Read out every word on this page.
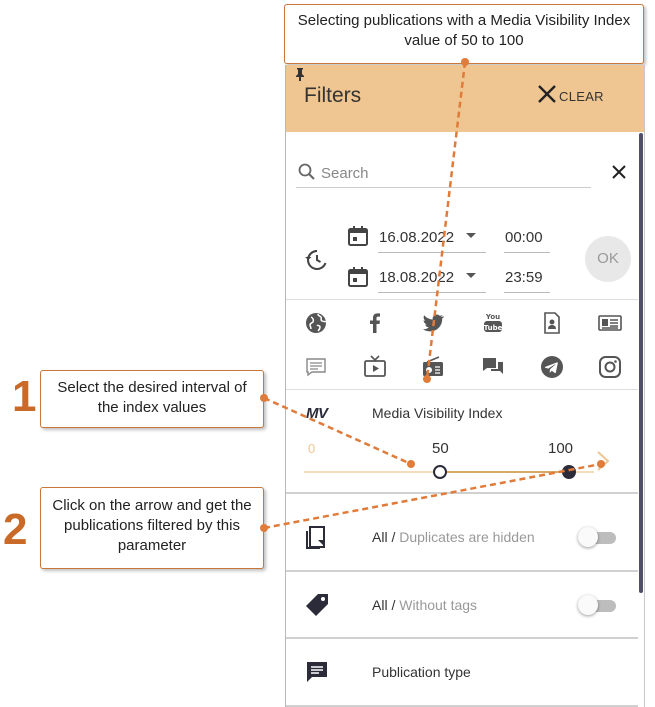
Selecting publications with a Media Visibility Index value of 50 to 100
1	Select the desired interval of the index values
2	Click on the arrow and get the publications filtered by this parameter
Filters	CLEAR
Search
16.08.2022	00:00
18.08.2022	23:59
OK
You
Tube
MV	Media Visibility Index
0	50	100
All / Duplicates are hidden
All / Without tags
Publication type
